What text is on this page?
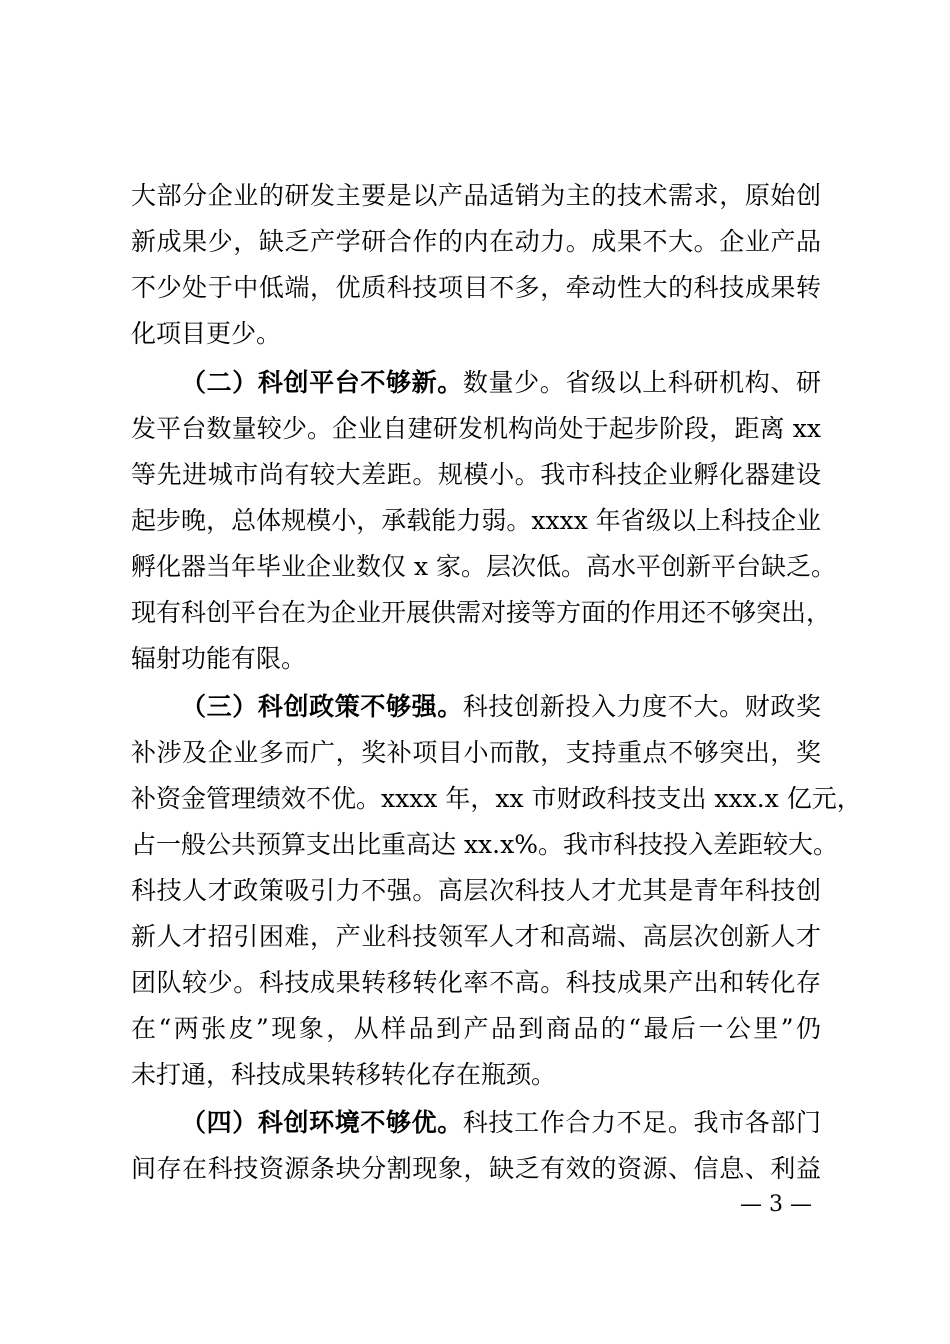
大部分企业的研发主要是以产品适销为主的技术需求，原始创
新成果少，缺乏产学研合作的内在动力。成果不大。企业产品
不少处于中低端，优质科技项目不多，牵动性大的科技成果转
化项目更少。
（二）科创平台不够新。数量少。省级以上科研机构、研
发平台数量较少。企业自建研发机构尚处于起步阶段，距离 xx
等先进城市尚有较大差距。规模小。我市科技企业孵化器建设
起步晚，总体规模小，承载能力弱。xxxx 年省级以上科技企业
孵化器当年毕业企业数仅 x 家。层次低。高水平创新平台缺乏。
现有科创平台在为企业开展供需对接等方面的作用还不够突出，
辐射功能有限。
（三）科创政策不够强。科技创新投入力度不大。财政奖
补涉及企业多而广，奖补项目小而散，支持重点不够突出，奖
补资金管理绩效不优。xxxx 年，xx 市财政科技支出 xxx.x 亿元，
占一般公共预算支出比重高达 xx.x%。我市科技投入差距较大。
科技人才政策吸引力不强。高层次科技人才尤其是青年科技创
新人才招引困难，产业科技领军人才和高端、高层次创新人才
团队较少。科技成果转移转化率不高。科技成果产出和转化存
在“两张皮”现象，从样品到产品到商品的“最后一公里”仍
未打通，科技成果转移转化存在瓶颈。
（四）科创环境不够优。科技工作合力不足。我市各部门
间存在科技资源条块分割现象，缺乏有效的资源、信息、利益
— 3 —
